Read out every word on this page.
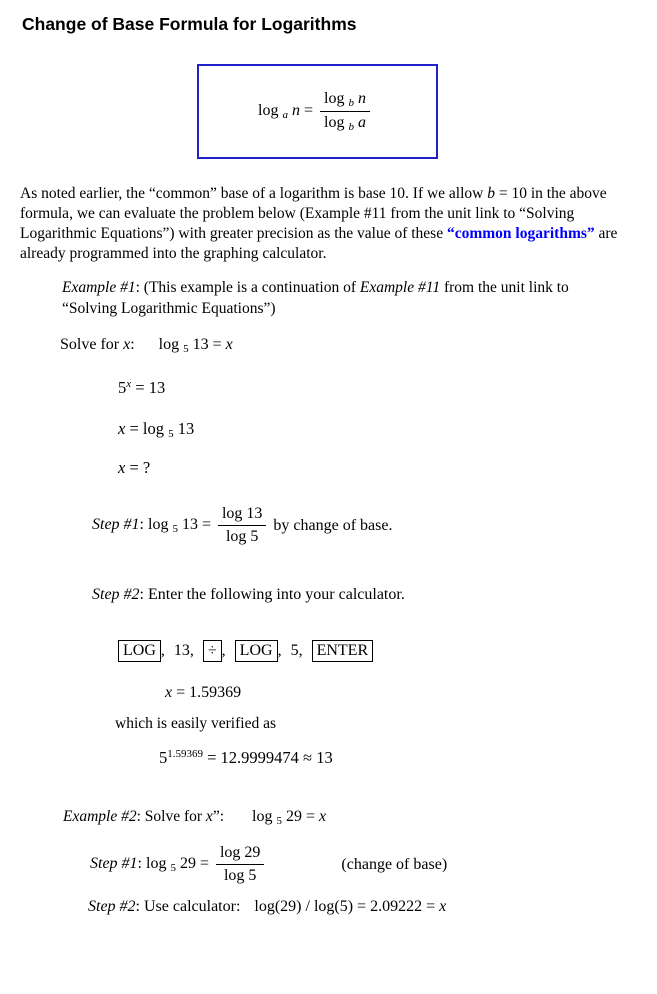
Change of Base Formula for Logarithms
log a $n = \frac{\text{log b n}}{\text{log b a}}$

As noted earlier, the “common” base of a logarithm is base 10. If we allow b = 10 in the above formula, we can evaluate the problem below (Example #11 from the unit link to “Solving Logarithmic Equations”) with greater precision as the value of these “common logarithms” are already programmed into the graphing calculator.

Example #1: (This example is a continuation of Example #11 from the unit link to “Solving Logarithmic Equations”)

Solve for x: log 5 13 = x
$5^x = 13$
x = log 5 13
x = ?
Step #1: log 5 $13 = \frac{\log 13}{\log 5}$ by change of base.
Step #2: Enter the following into your calculator.
LOG , 13, ÷ , LOG , 5, ENTER
x = 1.59369
which is easily verified as
$5^{1.59369} = 12.9999474 \approx 13$
Example #2: Solve for x”: log 5 29 = x
Step #1: log 5 $29 = \frac{\log 29}{\log 5}$	(change of base)
Step #2: Use calculator: log(29) / log(5) = 2.09222 = x
